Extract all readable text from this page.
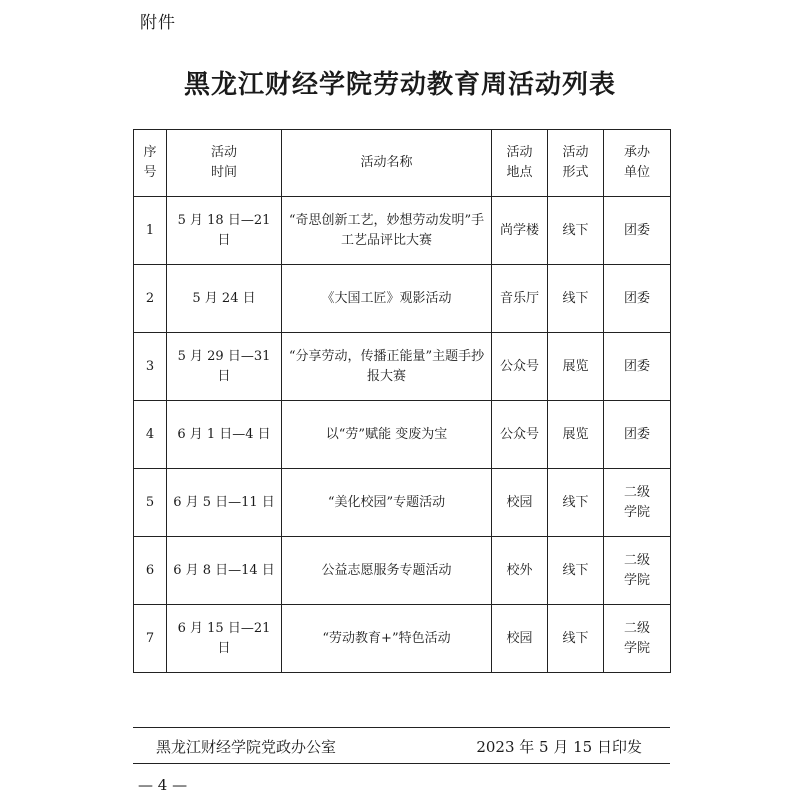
附件
黑龙江财经学院劳动教育周活动列表
序号	活动时间	活动名称	活动地点	活动形式	承办单位
1	5 月 18 日—21 日	“奇思创新工艺，妙想劳动发明”手工艺品评比大赛	尚学楼	线下	团委
2	5 月 24 日	《大国工匠》观影活动	音乐厅	线下	团委
3	5 月 29 日—31 日	“分享劳动，传播正能量”主题手抄报大赛	公众号	展览	团委
4	6 月 1 日—4 日	以“劳”赋能 变废为宝	公众号	展览	团委
5	6 月 5 日—11 日	“美化校园”专题活动	校园	线下	二级学院
6	6 月 8 日—14 日	公益志愿服务专题活动	校外	线下	二级学院
7	6 月 15 日—21 日	“劳动教育+”特色活动	校园	线下	二级学院
黑龙江财经学院党政办公室	2023 年 5 月 15 日印发
— 4 —
